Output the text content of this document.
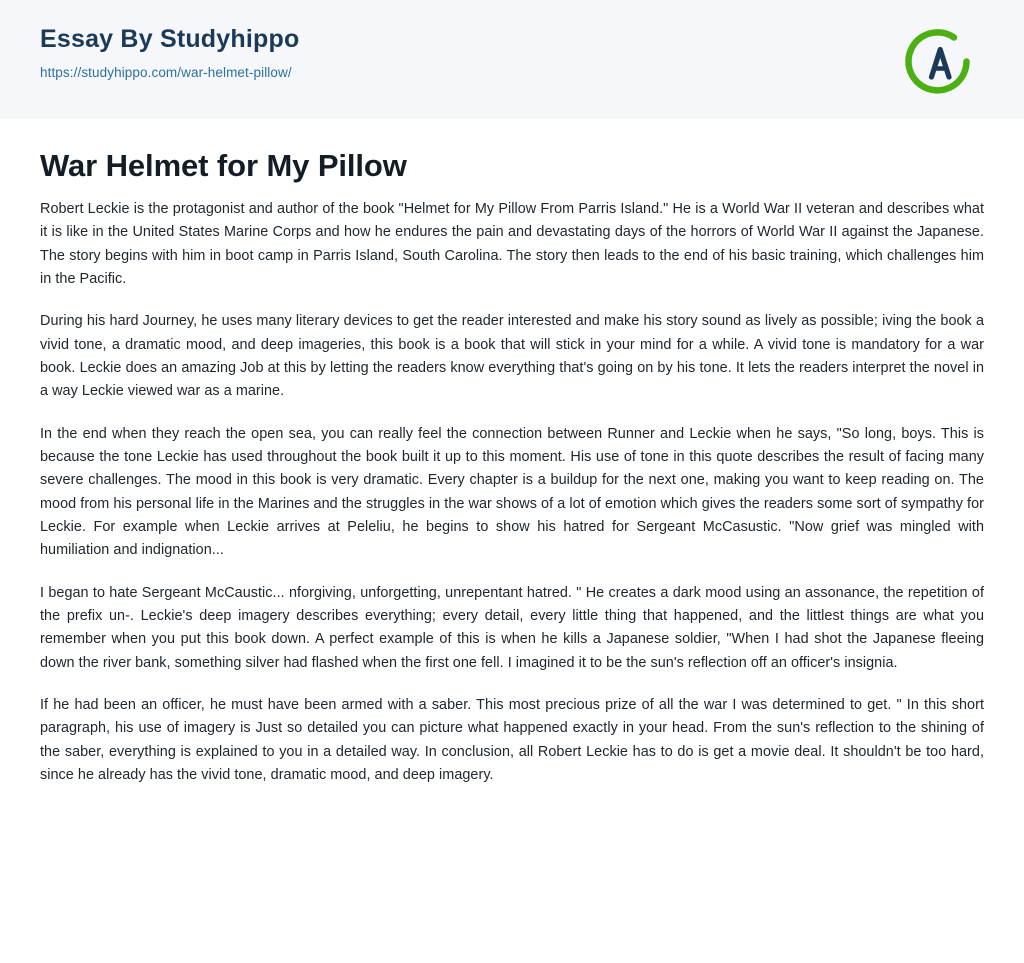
Essay By Studyhippo
https://studyhippo.com/war-helmet-pillow/
War Helmet for My Pillow

Robert Leckie is the protagonist and author of the book "Helmet for My Pillow From Parris Island." He is a World War II veteran and describes what it is like in the United States Marine Corps and how he endures the pain and devastating days of the horrors of World War II against the Japanese. The story begins with him in boot camp in Parris Island, South Carolina. The story then leads to the end of his basic training, which challenges him in the Pacific.

During his hard Journey, he uses many literary devices to get the reader interested and make his story sound as lively as possible; iving the book a vivid tone, a dramatic mood, and deep imageries, this book is a book that will stick in your mind for a while. A vivid tone is mandatory for a war book. Leckie does an amazing Job at this by letting the readers know everything that's going on by his tone. It lets the readers interpret the novel in a way Leckie viewed war as a marine.

In the end when they reach the open sea, you can really feel the connection between Runner and Leckie when he says, "So long, boys. This is because the tone Leckie has used throughout the book built it up to this moment. His use of tone in this quote describes the result of facing many severe challenges. The mood in this book is very dramatic. Every chapter is a buildup for the next one, making you want to keep reading on. The mood from his personal life in the Marines and the struggles in the war shows of a lot of emotion which gives the readers some sort of sympathy for Leckie. For example when Leckie arrives at Peleliu, he begins to show his hatred for Sergeant McCasustic. "Now grief was mingled with humiliation and indignation...

I began to hate Sergeant McCaustic... nforgiving, unforgetting, unrepentant hatred. " He creates a dark mood using an assonance, the repetition of the prefix un-. Leckie's deep imagery describes everything; every detail, every little thing that happened, and the littlest things are what you remember when you put this book down. A perfect example of this is when he kills a Japanese soldier, "When I had shot the Japanese fleeing down the river bank, something silver had flashed when the first one fell. I imagined it to be the sun's reflection off an officer's insignia.

If he had been an officer, he must have been armed with a saber. This most precious prize of all the war I was determined to get. " In this short paragraph, his use of imagery is Just so detailed you can picture what happened exactly in your head. From the sun's reflection to the shining of the saber, everything is explained to you in a detailed way. In conclusion, all Robert Leckie has to do is get a movie deal. It shouldn't be too hard, since he already has the vivid tone, dramatic mood, and deep imagery.
